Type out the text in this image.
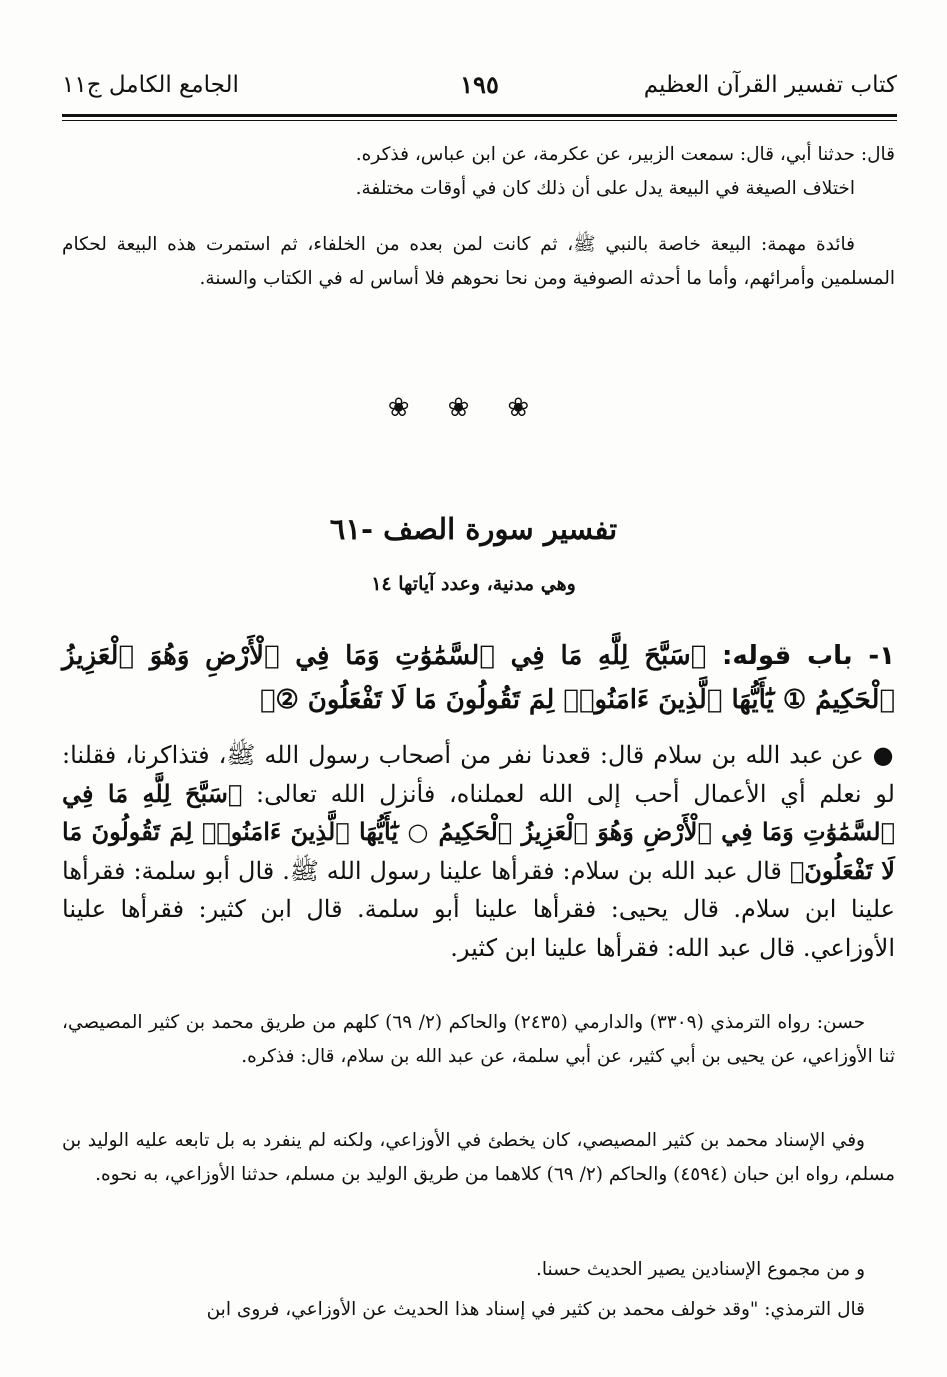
كتاب تفسير القرآن العظيم
١٩٥
الجامع الكامل ج١١
قال: حدثنا أبي، قال: سمعت الزبير، عن عكرمة، عن ابن عباس، فذكره.
اختلاف الصيغة في البيعة يدل على أن ذلك كان في أوقات مختلفة.
فائدة مهمة: البيعة خاصة بالنبي ﷺ، ثم كانت لمن بعده من الخلفاء، ثم استمرت هذه البيعة لحكام المسلمين وأمرائهم، وأما ما أحدثه الصوفية ومن نحا نحوهم فلا أساس له في الكتاب والسنة.
❀ ❀ ❀
تفسير سورة الصف -٦١
وهي مدنية، وعدد آياتها ١٤
١- باب قوله: ﴿سَبَّحَ لِلَّهِ مَا فِي ٱلسَّمَٰوَٰتِ وَمَا فِي ٱلْأَرْضِ وَهُوَ ٱلْعَزِيزُ ٱلْحَكِيمُ ① يَٰٓأَيُّهَا ٱلَّذِينَ ءَامَنُوا۟ لِمَ تَقُولُونَ مَا لَا تَفْعَلُونَ ②﴾
● عن عبد الله بن سلام قال: قعدنا نفر من أصحاب رسول الله ﷺ، فتذاكرنا، فقلنا: لو نعلم أي الأعمال أحب إلى الله لعملناه، فأنزل الله تعالى: ﴿سَبَّحَ لِلَّهِ مَا فِي ٱلسَّمَٰوَٰتِ وَمَا فِي ٱلْأَرْضِ وَهُوَ ٱلْعَزِيزُ ٱلْحَكِيمُ ○ يَٰٓأَيُّهَا ٱلَّذِينَ ءَامَنُوا۟ لِمَ تَقُولُونَ مَا لَا تَفْعَلُونَ﴾ قال عبد الله بن سلام: فقرأها علينا رسول الله ﷺ. قال أبو سلمة: فقرأها علينا ابن سلام. قال يحيى: فقرأها علينا أبو سلمة. قال ابن كثير: فقرأها علينا الأوزاعي. قال عبد الله: فقرأها علينا ابن كثير.
حسن: رواه الترمذي (٣٣٠٩) والدارمي (٢٤٣٥) والحاكم (٢/ ٦٩) كلهم من طريق محمد بن كثير المصيصي، ثنا الأوزاعي، عن يحيى بن أبي كثير، عن أبي سلمة، عن عبد الله بن سلام، قال: فذكره.
وفي الإسناد محمد بن كثير المصيصي، كان يخطئ في الأوزاعي، ولكنه لم ينفرد به بل تابعه عليه الوليد بن مسلم، رواه ابن حبان (٤٥٩٤) والحاكم (٢/ ٦٩) كلاهما من طريق الوليد بن مسلم، حدثنا الأوزاعي، به نحوه.
و من مجموع الإسنادين يصير الحديث حسنا.
قال الترمذي: "وقد خولف محمد بن كثير في إسناد هذا الحديث عن الأوزاعي، فروى ابن
